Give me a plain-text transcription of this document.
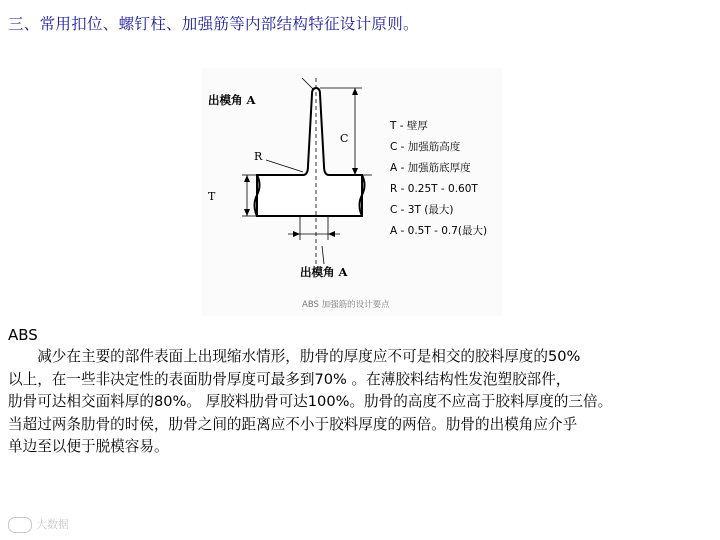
三、常用扣位、螺钉柱、加强筋等内部结构特征设计原则。
出模角 A
出模角 A
C
R
T
T - 壁厚
C - 加强筋高度
A - 加强筋底厚度
R - 0.25T - 0.60T
C - 3T (最大)
A - 0.5T - 0.7(最大)
ABS 加强筋的设计要点
ABS
　　减少在主要的部件表面上出现缩水情形，肋骨的厚度应不可是相交的胶料厚度的50%
以上，在一些非决定性的表面肋骨厚度可最多到70% 。在薄胶料结构性发泡塑胶部件，
肋骨可达相交面料厚的80%。 厚胶料肋骨可达100%。肋骨的高度不应高于胶料厚度的三倍。
当超过两条肋骨的时侯，肋骨之间的距离应不小于胶料厚度的两倍。肋骨的出模角应介乎
单边至以便于脱模容易。
大数据
